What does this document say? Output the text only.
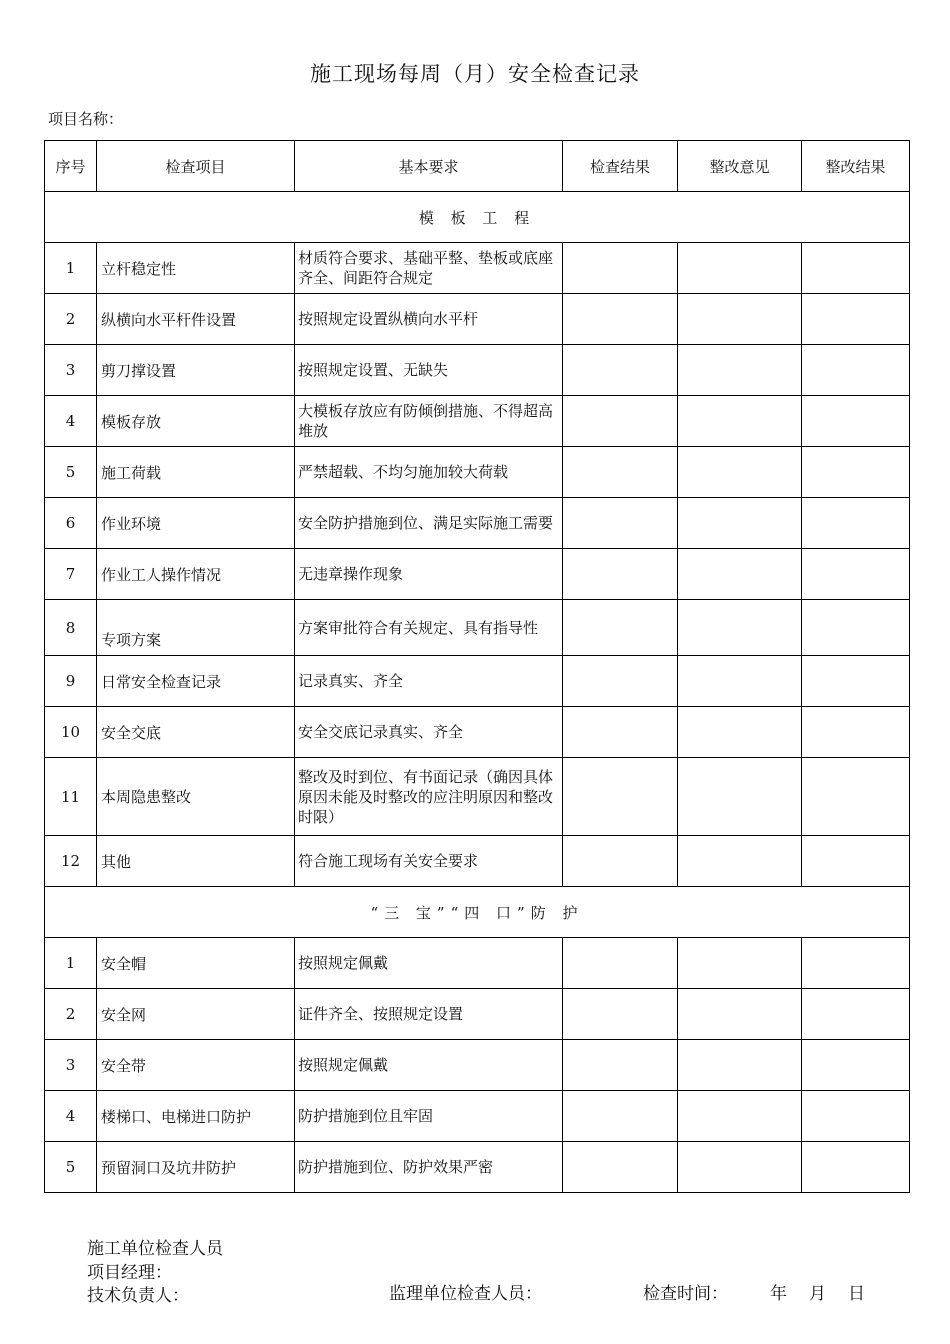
施工现场每周（月）安全检查记录
项目名称：
序号	检查项目	基本要求	检查结果	整改意见	整改结果
模 板 工 程					
1	立杆稳定性	材质符合要求、基础平整、垫板或底座齐全、间距符合规定			
2	纵横向水平杆件设置	按照规定设置纵横向水平杆			
3	剪刀撑设置	按照规定设置、无缺失			
4	模板存放	大模板存放应有防倾倒措施、不得超高堆放			
5	施工荷载	严禁超载、不均匀施加较大荷载			
6	作业环境	安全防护措施到位、满足实际施工需要			
7	作业工人操作情况	无违章操作现象			
8	专项方案	方案审批符合有关规定、具有指导性			
9	日常安全检查记录	记录真实、齐全			
10	安全交底	安全交底记录真实、齐全			
11	本周隐患整改	整改及时到位、有书面记录（确因具体原因未能及时整改的应注明原因和整改时限）			
12	其他	符合施工现场有关安全要求			
“三 宝”“四 口”防 护					
1	安全帽	按照规定佩戴			
2	安全网	证件齐全、按照规定设置			
3	安全带	按照规定佩戴			
4	楼梯口、电梯进口防护	防护措施到位且牢固			
5	预留洞口及坑井防护	防护措施到位、防护效果严密			
施工单位检查人员
项目经理：
技术负责人：	监理单位检查人员：	检查时间： 年 月 日
